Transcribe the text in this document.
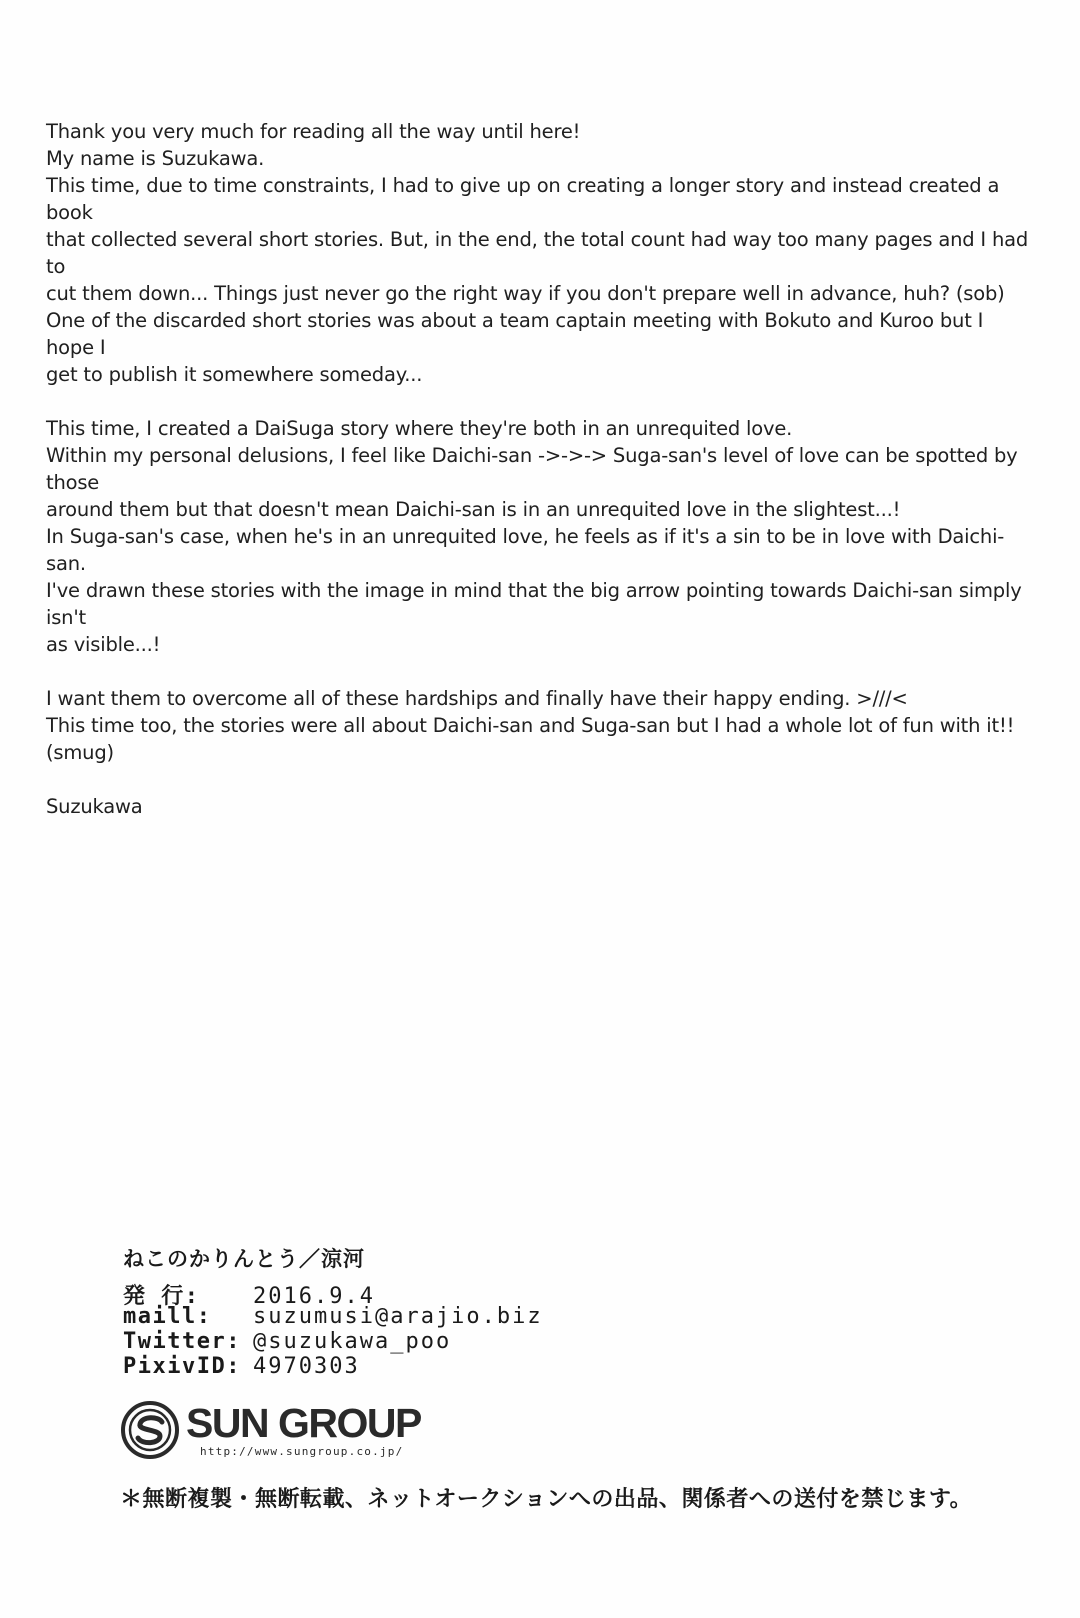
Thank you very much for reading all the way until here!
My name is Suzukawa.
This time, due to time constraints, I had to give up on creating a longer story and instead created a book
that collected several short stories. But, in the end, the total count had way too many pages and I had to
cut them down... Things just never go the right way if you don't prepare well in advance, huh? (sob)
One of the discarded short stories was about a team captain meeting with Bokuto and Kuroo but I hope I
get to publish it somewhere someday...

This time, I created a DaiSuga story where they're both in an unrequited love.
Within my personal delusions, I feel like Daichi-san ->->-> Suga-san's level of love can be spotted by those
around them but that doesn't mean Daichi-san is in an unrequited love in the slightest...!
In Suga-san's case, when he's in an unrequited love, he feels as if it's a sin to be in love with Daichi-san.
I've drawn these stories with the image in mind that the big arrow pointing towards Daichi-san simply isn't
as visible...!

I want them to overcome all of these hardships and finally have their happy ending. >///<
This time too, the stories were all about Daichi-san and Suga-san but I had a whole lot of fun with it!!
(smug)

Suzukawa

ねこのかりんとう／涼河
発 行:	2016.9.4
maill:	suzumusi@arajio.biz
Twitter: @suzukawa_poo
PixivID: 4970303
SUN GROUP
http://www.sungroup.co.jp/
＊無断複製・無断転載、ネットオークションへの出品、関係者への送付を禁じます。
